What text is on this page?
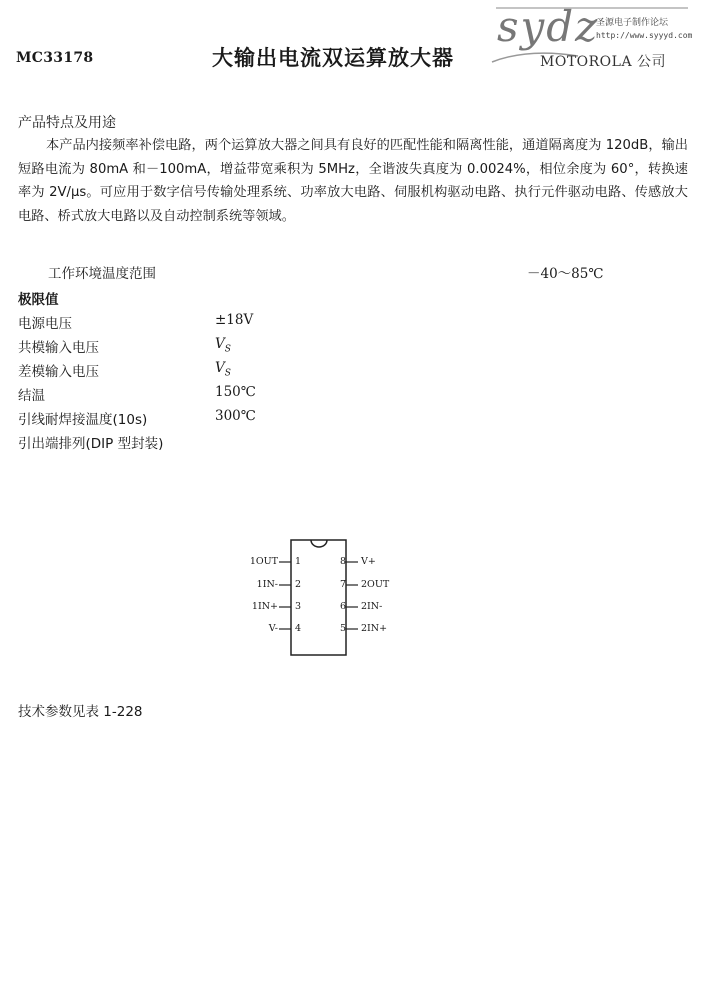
sydz
圣源电子制作论坛
http://www.syyyd.com
MC33178	大输出电流双运算放大器	MOTOROLA 公司
产品特点及用途
本产品内接频率补偿电路，两个运算放大器之间具有良好的匹配性能和隔离性能，通道隔离度为 120dB，输出短路电流为 80mA 和－100mA，增益带宽乘积为 5MHz，全谐波失真度为 0.0024%，相位余度为 60°，转换速率为 2V/μs。可应用于数字信号传输处理系统、功率放大电路、伺服机构驱动电路、执行元件驱动电路、传感放大电路、桥式放大电路以及自动控制系统等领域。
工作环境温度范围	－40～85℃
极限值
电源电压	±18V
共模输入电压	$V_S$
差模输入电压	$V_S$
结温	150℃
引线耐焊接温度(10s)	300℃
引出端排列(DIP 型封装)
1OUT 1
1IN- 2
1IN+ 3
V- 4
8 V+
7 2OUT
6 2IN-
5 2IN+
技术参数见表 1-228
